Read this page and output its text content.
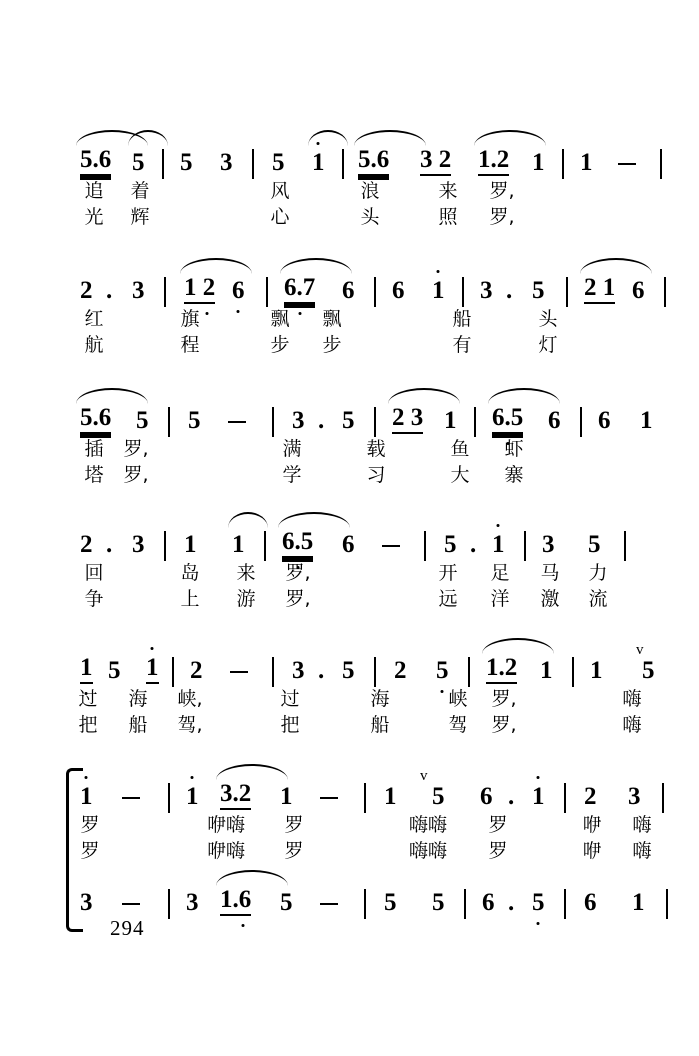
5.6 5 5 3 5 1 5.6 3 2 1.2 1 1
追 着	风	浪	来 罗,
光 辉	心	头	照 罗,
2 . 3 1 2 6 6.7 6 6 1 3 . 5 2 1 6
红	旗	飘 飘	船	头
航	程	步 步	有	灯
5.6 5 5	3 . 5 2 3 1 6.5 6 6 1
插 罗,	满	载	鱼 虾
塔 罗,	学	习	大 寨
2 . 3 1 1 6.5 6	5 . 1 3 5
回	岛 来 罗,	开 足 马 力
争	上 游 罗,	远 洋 激 流
1 5 1 2	3 . 5 2 5 1.2 1 1
v
5
过 海 峡,	过	海	峡 罗,	嗨
把 船 驾,	把	船	驾 罗,	嗨
1	1 3.2 1	1
v
5 6 . 1 2 3
罗	咿嗨 罗	嗨嗨 罗	咿 嗨
罗	咿嗨 罗	嗨嗨 罗	咿 嗨
3	3 1.6 5	5 5 6 . 5 6 1
294
